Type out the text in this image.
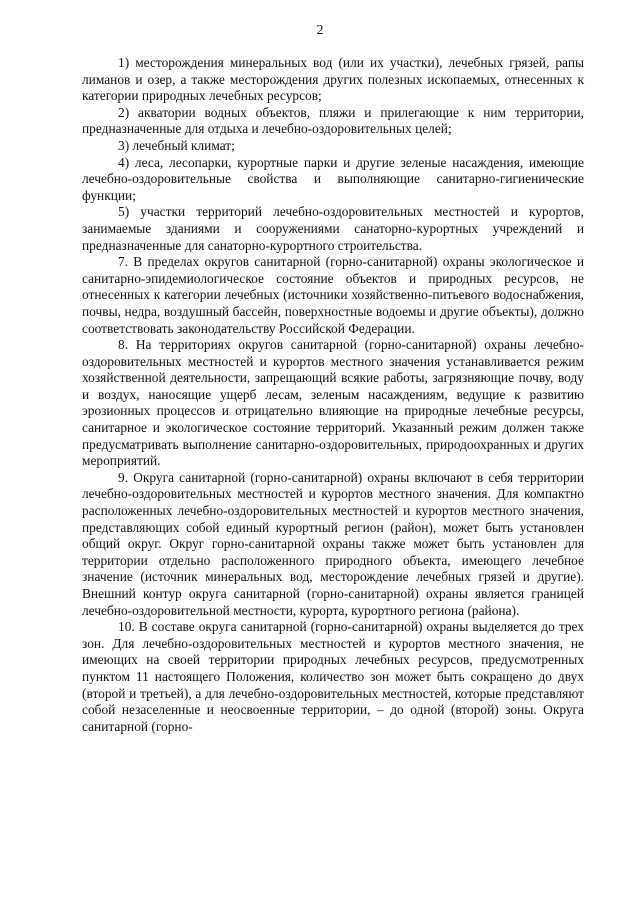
2

1) месторождения минеральных вод (или их участки), лечебных грязей, рапы лиманов и озер, а также месторождения других полезных ископаемых, отнесенных к категории природных лечебных ресурсов;

2) акватории водных объектов, пляжи и прилегающие к ним территории, предназначенные для отдыха и лечебно-оздоровительных целей;

3) лечебный климат;

4) леса, лесопарки, курортные парки и другие зеленые насаждения, имеющие лечебно-оздоровительные свойства и выполняющие санитарно-гигиенические функции;

5) участки территорий лечебно-оздоровительных местностей и курортов, занимаемые зданиями и сооружениями санаторно-курортных учреждений и предназначенные для санаторно-курортного строительства.

7. В пределах округов санитарной (горно-санитарной) охраны экологическое и санитарно-эпидемиологическое состояние объектов и природных ресурсов, не отнесенных к категории лечебных (источники хозяйственно-питьевого водоснабжения, почвы, недра, воздушный бассейн, поверхностные водоемы и другие объекты), должно соответствовать законодательству Российской Федерации.

8. На территориях округов санитарной (горно-санитарной) охраны лечебно-оздоровительных местностей и курортов местного значения устанавливается режим хозяйственной деятельности, запрещающий всякие работы, загрязняющие почву, воду и воздух, наносящие ущерб лесам, зеленым насаждениям, ведущие к развитию эрозионных процессов и отрицательно влияющие на природные лечебные ресурсы, санитарное и экологическое состояние территорий. Указанный режим должен также предусматривать выполнение санитарно-оздоровительных, природоохранных и других мероприятий.

9. Округа санитарной (горно-санитарной) охраны включают в себя территории лечебно-оздоровительных местностей и курортов местного значения. Для компактно расположенных лечебно-оздоровительных местностей и курортов местного значения, представляющих собой единый курортный регион (район), может быть установлен общий округ. Округ горно-санитарной охраны также может быть установлен для территории отдельно расположенного природного объекта, имеющего лечебное значение (источник минеральных вод, месторождение лечебных грязей и другие). Внешний контур округа санитарной (горно-санитарной) охраны является границей лечебно-оздоровительной местности, курорта, курортного региона (района).

10. В составе округа санитарной (горно-санитарной) охраны выделяется до трех зон. Для лечебно-оздоровительных местностей и курортов местного значения, не имеющих на своей территории природных лечебных ресурсов, предусмотренных пунктом 11 настоящего Положения, количество зон может быть сокращено до двух (второй и третьей), а для лечебно-оздоровительных местностей, которые представляют собой незаселенные и неосвоенные территории, – до одной (второй) зоны. Округа санитарной (горно-
